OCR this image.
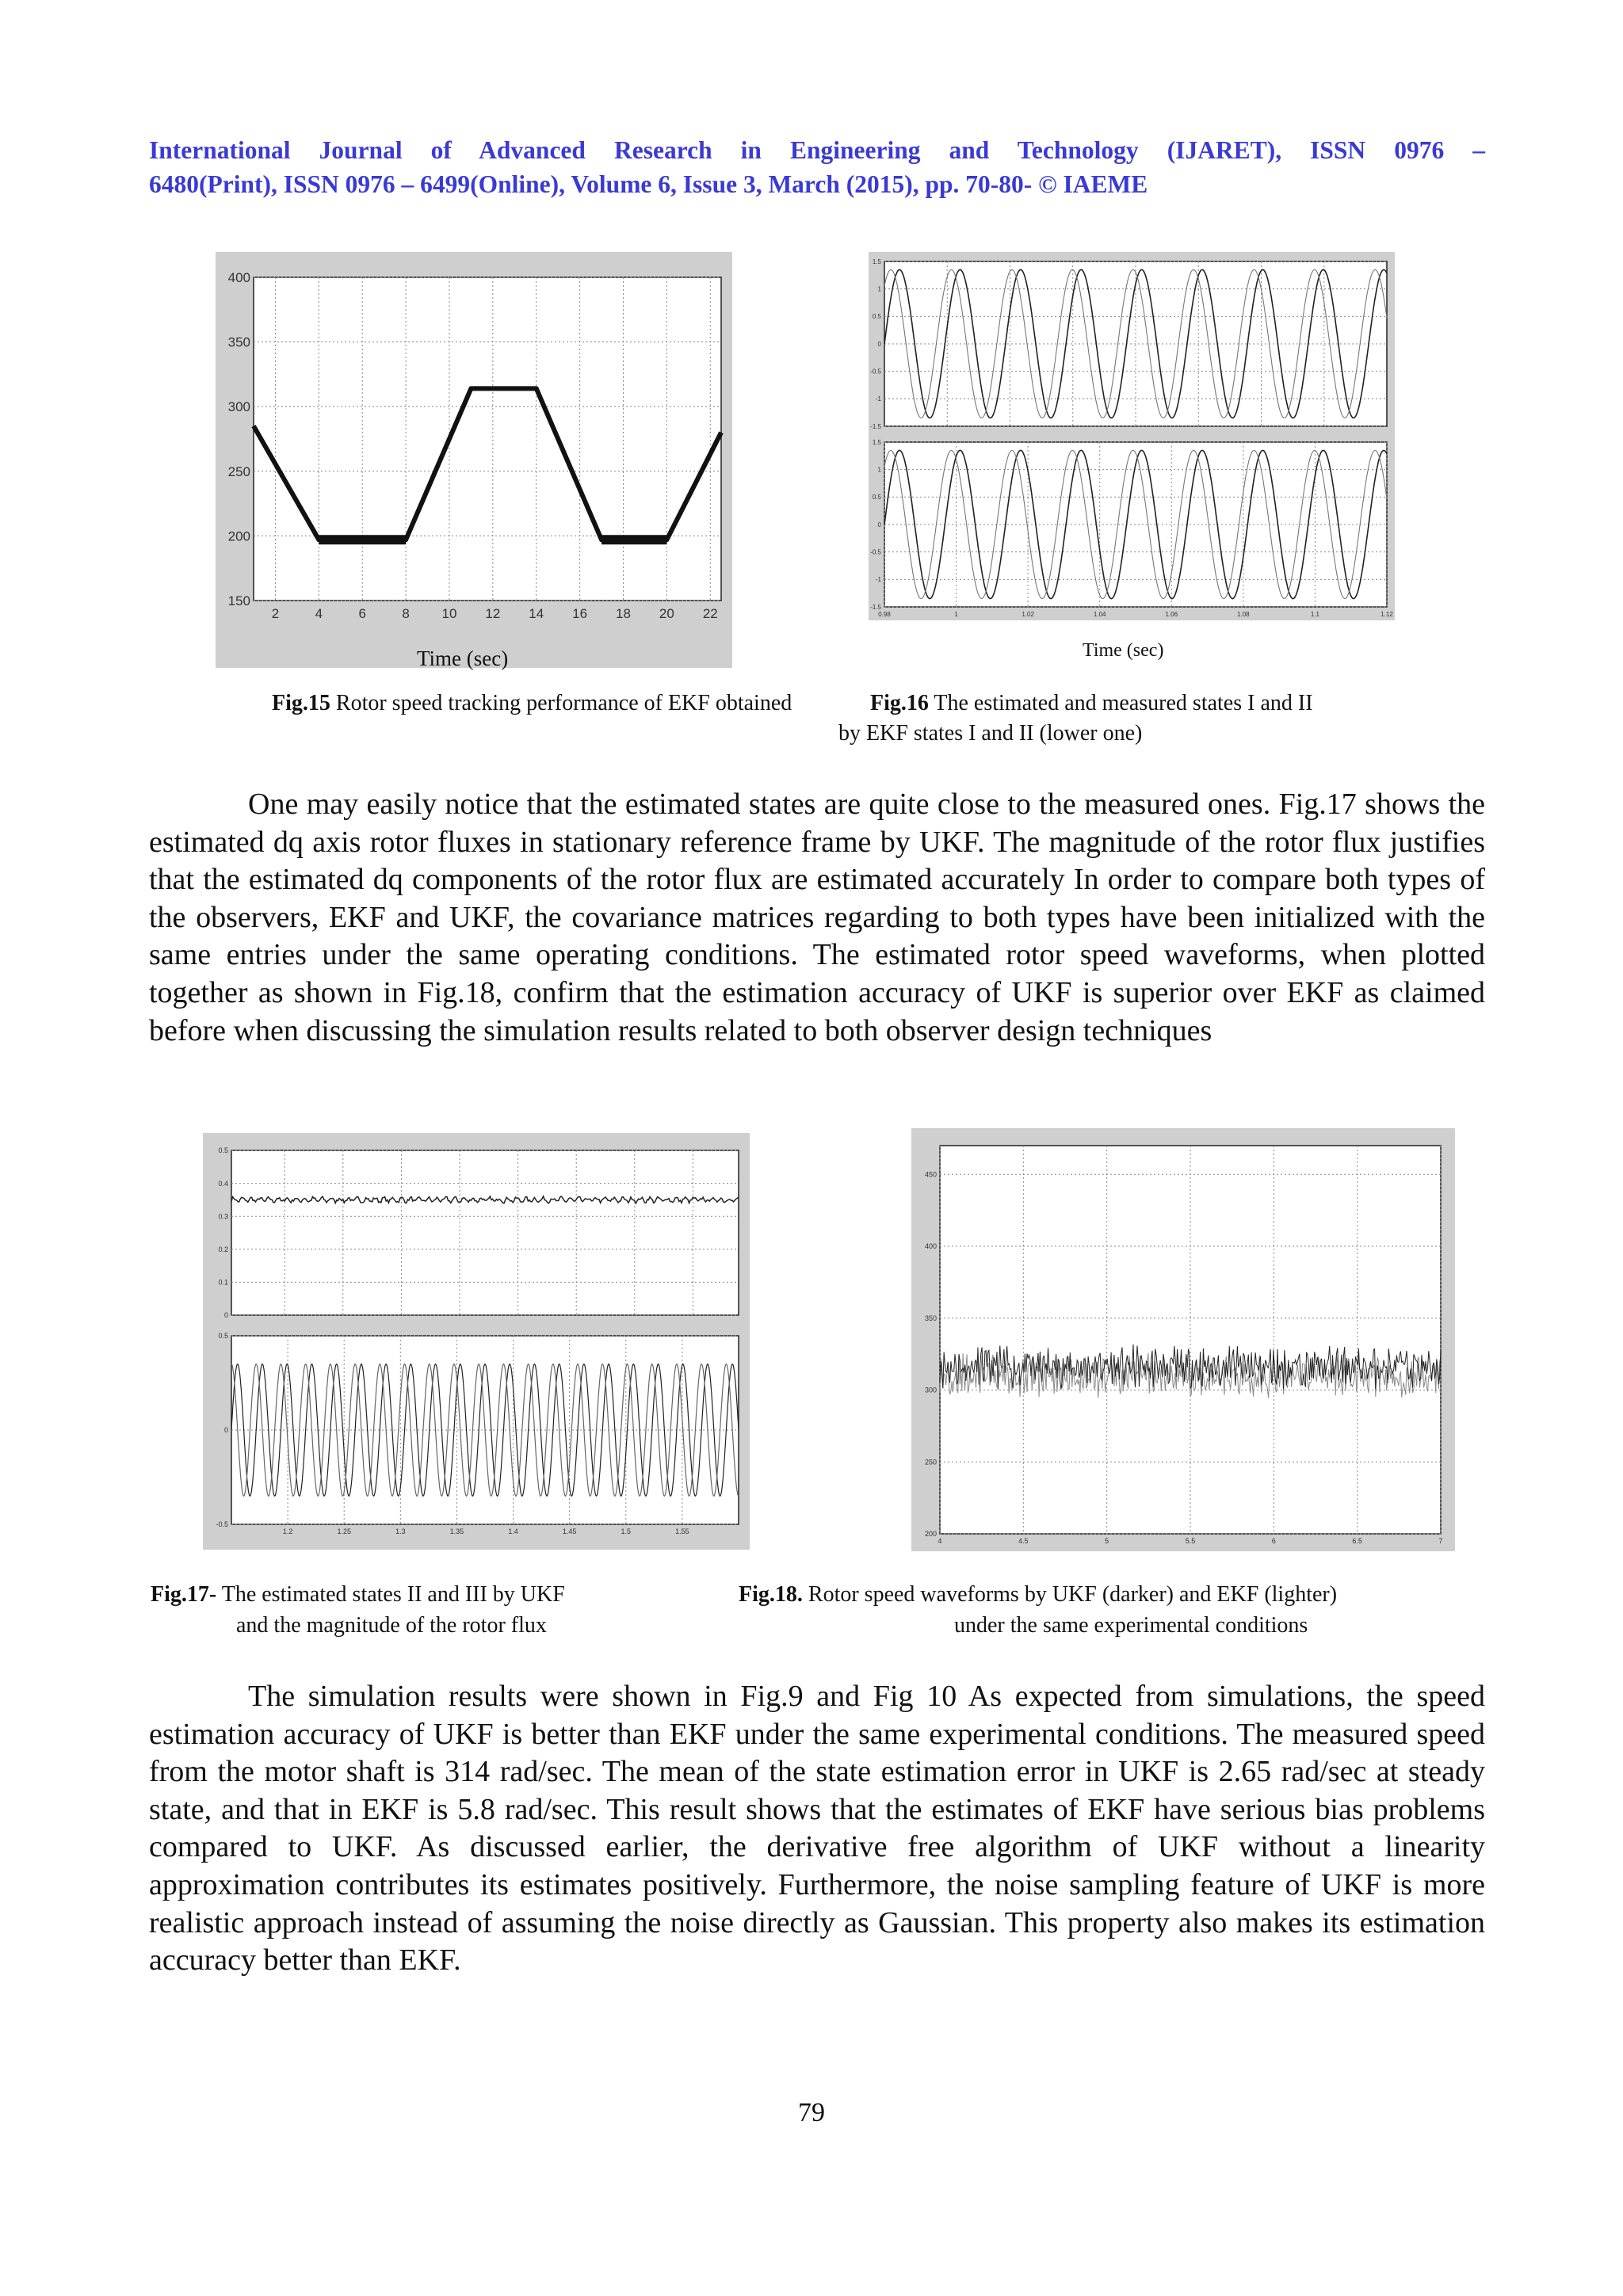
International Journal of Advanced Research in Engineering and Technology (IJARET), ISSN 0976 –
6480(Print), ISSN 0976 – 6499(Online), Volume 6, Issue 3, March (2015), pp. 70-80- © IAEME
2	4	6	8 10 12 14 16 18 20 22
150
200
250
300
350
400
Time (sec)
-1.5
-1
-0.5
0
0.5
1
1.5
0.98	1	1.02	1.04	1.06	1.08	1.1	1.12
-1.5
-1
-0.5
0
0.5
1
1.5
Time (sec)
Fig.15 Rotor speed tracking performance of EKF obtained	Fig.16 The estimated and measured states I and II
by EKF states I and II (lower one)
One may easily notice that the estimated states are quite close to the measured ones. Fig.17 shows the estimated dq axis rotor fluxes in stationary reference frame by UKF. The magnitude of the rotor flux justifies that the estimated dq components of the rotor flux are estimated accurately In order to compare both types of the observers, EKF and UKF, the covariance matrices regarding to both types have been initialized with the same entries under the same operating conditions. The estimated rotor speed waveforms, when plotted together as shown in Fig.18, confirm that the estimation accuracy of UKF is superior over EKF as claimed before when discussing the simulation results related to both observer design techniques
0
0.1
0.2
0.3
0.4
0.5
1.2	1.25	1.3	1.35	1.4	1.45	1.5	1.55
-0.5
0
0.5
4	4.5	5	5.5	6	6.5	7
200
250
300
350
400
450
Fig.17- The estimated states II and III by UKF
and the magnitude of the rotor flux
Fig.18. Rotor speed waveforms by UKF (darker) and EKF (lighter)
under the same experimental conditions
The simulation results were shown in Fig.9 and Fig 10 As expected from simulations, the speed estimation accuracy of UKF is better than EKF under the same experimental conditions. The measured speed from the motor shaft is 314 rad/sec. The mean of the state estimation error in UKF is 2.65 rad/sec at steady state, and that in EKF is 5.8 rad/sec. This result shows that the estimates of EKF have serious bias problems compared to UKF. As discussed earlier, the derivative free algorithm of UKF without a linearity approximation contributes its estimates positively. Furthermore, the noise sampling feature of UKF is more realistic approach instead of assuming the noise directly as Gaussian. This property also makes its estimation accuracy better than EKF.
79
